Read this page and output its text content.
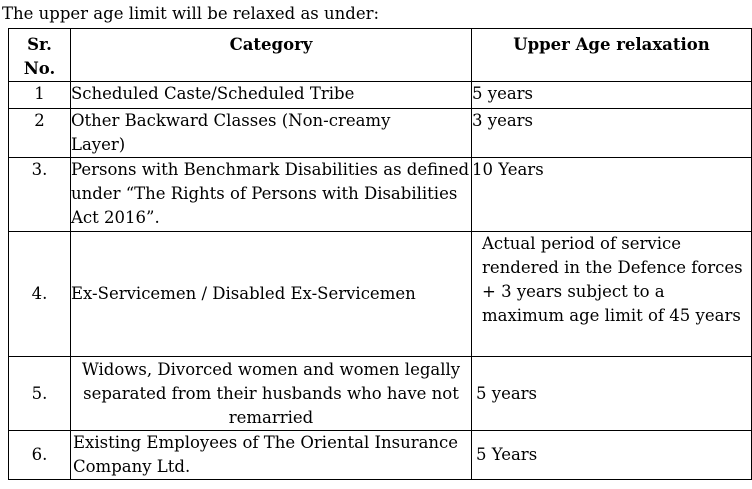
The upper age limit will be relaxed as under:
Sr. No.	Category	Upper Age relaxation
1	Scheduled Caste/Scheduled Tribe	5 years
2	Other Backward Classes (Non-creamy Layer)	3 years
3.	Persons with Benchmark Disabilities as defined under “The Rights of Persons with Disabilities Act 2016”.	10 Years
4.	Ex-Servicemen / Disabled Ex-Servicemen	Actual period of service rendered in the Defence forces + 3 years subject to a maximum age limit of 45 years
5.	Widows, Divorced women and women legally separated from their husbands who have not remarried	5 years
6.	Existing Employees of The Oriental Insurance Company Ltd.	5 Years
